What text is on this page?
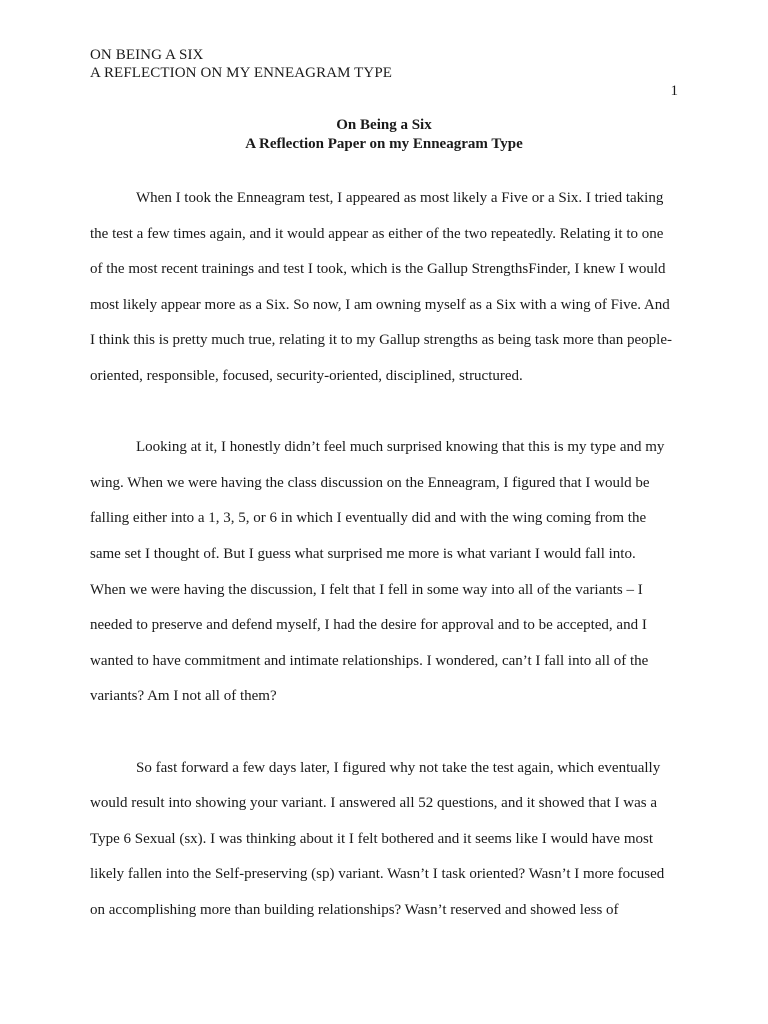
ON BEING A SIX
A REFLECTION ON MY ENNEAGRAM TYPE
1
On Being a Six
A Reflection Paper on my Enneagram Type

When I took the Enneagram test, I appeared as most likely a Five or a Six. I tried taking
the test a few times again, and it would appear as either of the two repeatedly. Relating it to one
of the most recent trainings and test I took, which is the Gallup StrengthsFinder, I knew I would
most likely appear more as a Six. So now, I am owning myself as a Six with a wing of Five. And
I think this is pretty much true, relating it to my Gallup strengths as being task more than people-
oriented, responsible, focused, security-oriented, disciplined, structured.

Looking at it, I honestly didn’t feel much surprised knowing that this is my type and my
wing. When we were having the class discussion on the Enneagram, I figured that I would be
falling either into a 1, 3, 5, or 6 in which I eventually did and with the wing coming from the
same set I thought of. But I guess what surprised me more is what variant I would fall into.
When we were having the discussion, I felt that I fell in some way into all of the variants – I
needed to preserve and defend myself, I had the desire for approval and to be accepted, and I
wanted to have commitment and intimate relationships. I wondered, can’t I fall into all of the
variants? Am I not all of them?

So fast forward a few days later, I figured why not take the test again, which eventually
would result into showing your variant. I answered all 52 questions, and it showed that I was a
Type 6 Sexual (sx). I was thinking about it I felt bothered and it seems like I would have most
likely fallen into the Self-preserving (sp) variant. Wasn’t I task oriented? Wasn’t I more focused
on accomplishing more than building relationships? Wasn’t reserved and showed less of
